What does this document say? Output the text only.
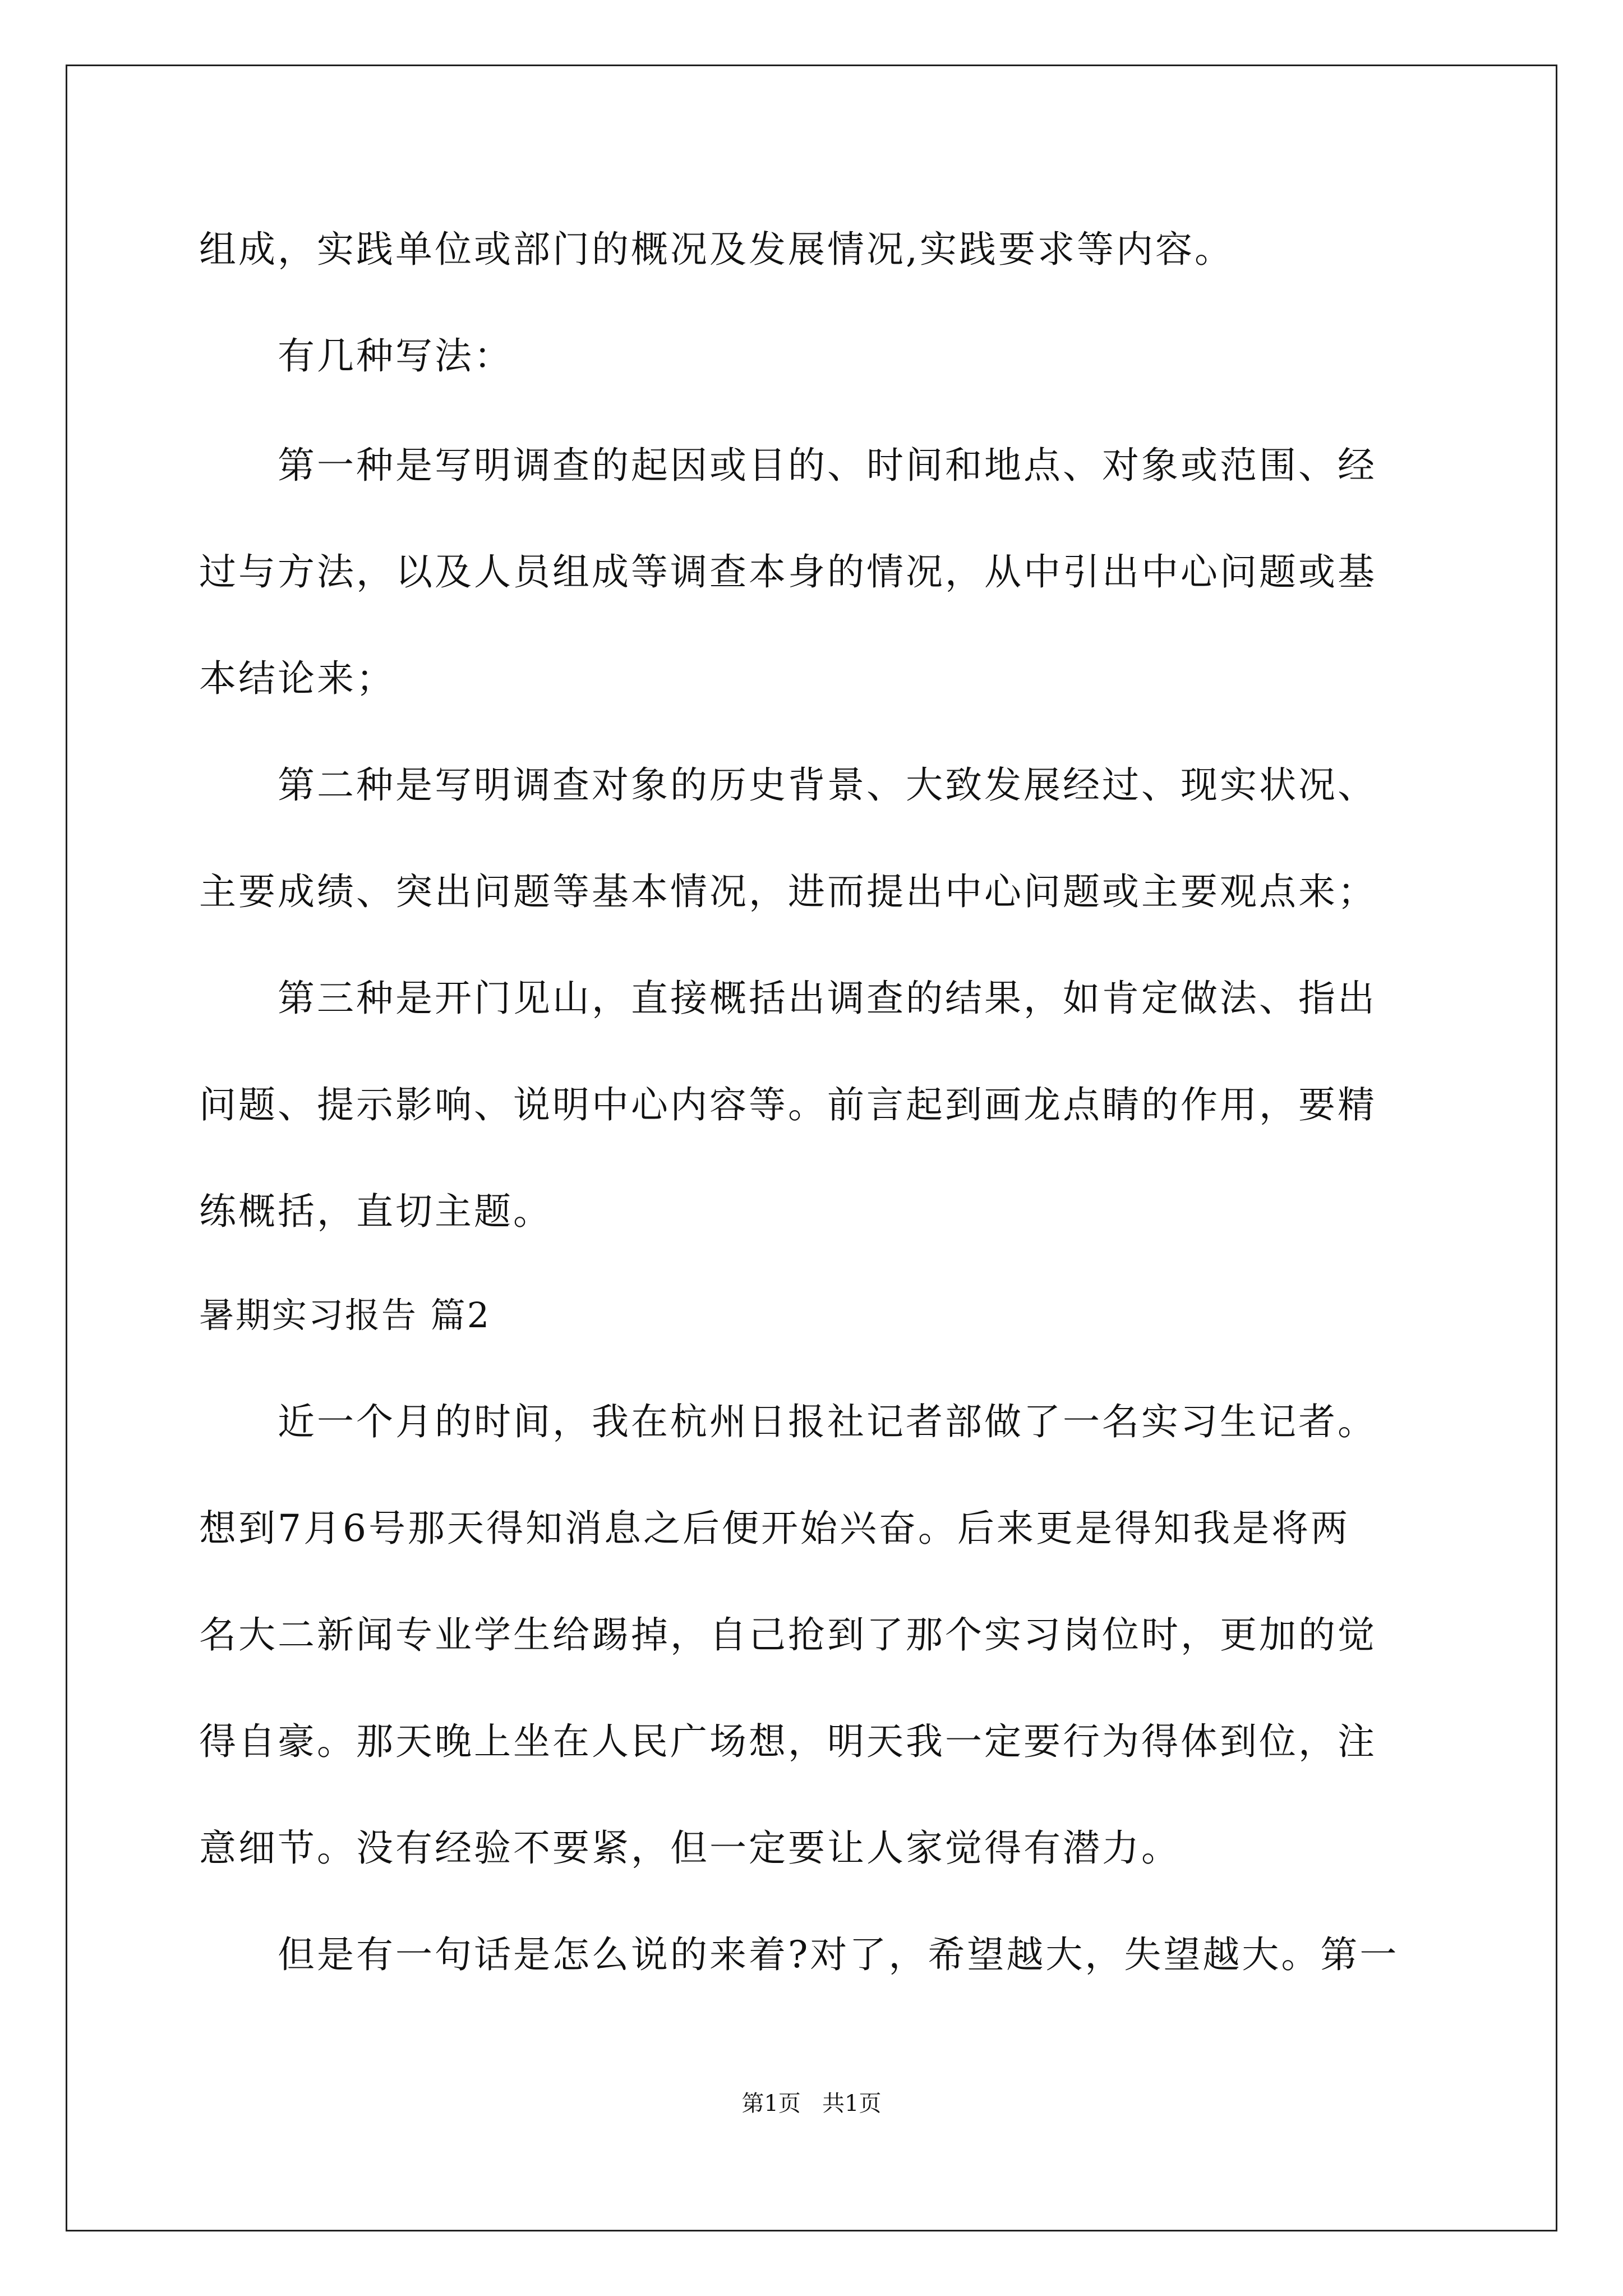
组成，实践单位或部门的概况及发展情况,实践要求等内容。
有几种写法：
第一种是写明调查的起因或目的、时间和地点、对象或范围、经
过与方法，以及人员组成等调查本身的情况，从中引出中心问题或基
本结论来；
第二种是写明调查对象的历史背景、大致发展经过、现实状况、
主要成绩、突出问题等基本情况，进而提出中心问题或主要观点来；
第三种是开门见山，直接概括出调查的结果，如肯定做法、指出
问题、提示影响、说明中心内容等。前言起到画龙点睛的作用，要精
练概括，直切主题。
暑期实习报告 篇2
近一个月的时间，我在杭州日报社记者部做了一名实习生记者。
想到7月6号那天得知消息之后便开始兴奋。后来更是得知我是将两
名大二新闻专业学生给踢掉，自己抢到了那个实习岗位时，更加的觉
得自豪。那天晚上坐在人民广场想，明天我一定要行为得体到位，注
意细节。没有经验不要紧，但一定要让人家觉得有潜力。
但是有一句话是怎么说的来着?对了，希望越大，失望越大。第一
第1页   共1页
